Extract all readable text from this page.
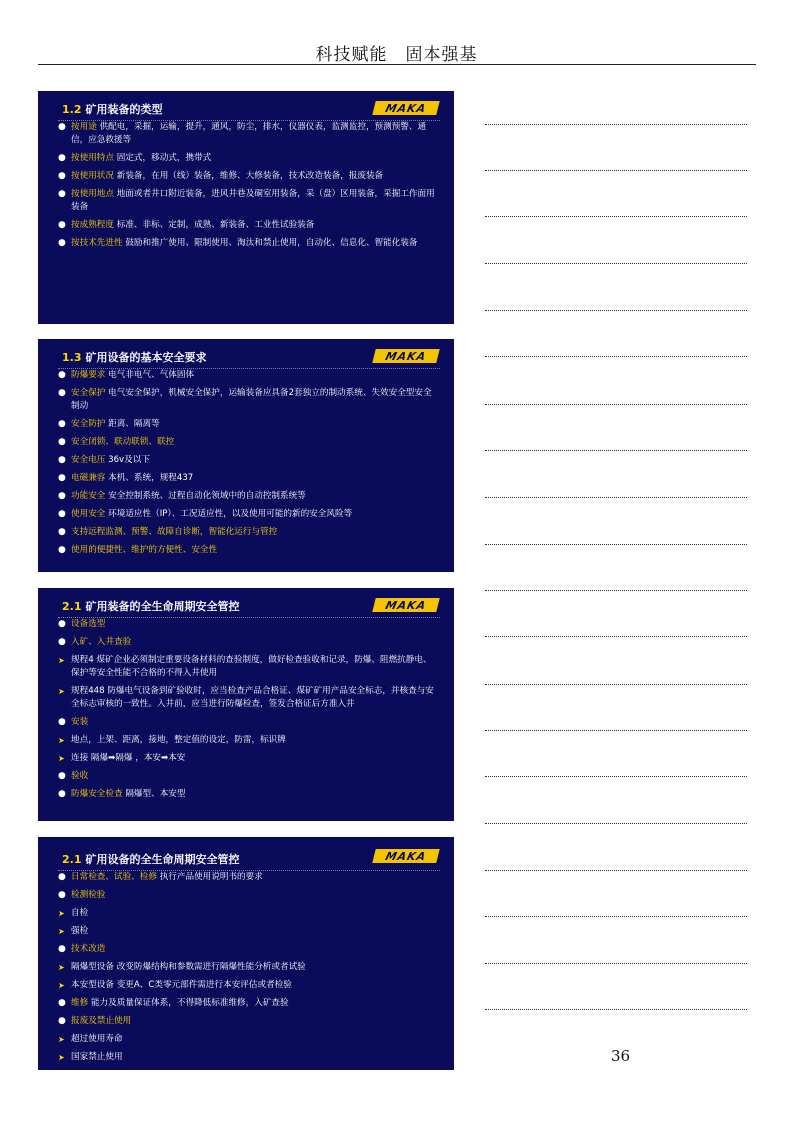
科技赋能　固本强基
MAKA
1.2 矿用装备的类型
● 按用途 供配电，采掘，运输，提升，通风，防尘，排水，仪器仪表，监测监控，预测预警、通信，应急救援等
● 按使用特点 固定式，移动式，携带式
● 按使用状况 新装备，在用（线）装备，维修、大修装备，技术改造装备，报废装备
● 按使用地点 地面或者井口附近装备，进风井巷及硐室用装备，采（盘）区用装备，采掘工作面用装备
● 按成熟程度 标准、非标、定制，成熟、新装备、工业性试验装备
● 按技术先进性 鼓励和推广使用、限制使用、淘汰和禁止使用，自动化、信息化、智能化装备
MAKA
1.3 矿用设备的基本安全要求
● 防爆要求 电气非电气、气体固体
● 安全保护 电气安全保护，机械安全保护，运输装备应具备2套独立的制动系统、失效安全型安全制动
● 安全防护 距离、隔离等
● 安全闭锁、联动联锁、联控
● 安全电压 36v及以下
● 电磁兼容 本机、系统，规程437
● 功能安全 安全控制系统、过程自动化领域中的自动控制系统等
● 使用安全 环境适应性（IP）、工况适应性，以及使用可能的新的安全风险等
● 支持远程监测、预警、故障自诊断，智能化运行与管控
● 使用的便捷性、维护的方便性、安全性
MAKA
2.1 矿用装备的全生命周期安全管控
● 设备选型
● 入矿、入井查验
➤ 规程4 煤矿企业必须制定重要设备材料的查验制度，做好检查验收和记录，防爆、阻燃抗静电、保护等安全性能不合格的不得入井使用
➤ 规程448 防爆电气设备到矿验收时，应当检查产品合格证、煤矿矿用产品安全标志，并核查与安全标志审核的一致性。入井前，应当进行防爆检查，签发合格证后方准入井
● 安装
➤ 地点，上架、距离，接地，整定值的设定，防雷，标识牌
➤ 连接 隔爆➡隔爆 ，本安➡本安
● 验收
● 防爆安全检查 隔爆型、本安型
MAKA
2.1 矿用设备的全生命周期安全管控
● 日常检查、试验、检修 执行产品使用说明书的要求
● 检测检验
➤ 自检
➤ 强检
● 技术改造
➤ 隔爆型设备 改变防爆结构和参数需进行隔爆性能分析或者试验
➤ 本安型设备 变更A、C类零元部件需进行本安评估或者检验
● 维修 能力及质量保证体系，不得降低标准维修，入矿查验
● 报废及禁止使用
➤ 超过使用寿命
➤ 国家禁止使用	36
